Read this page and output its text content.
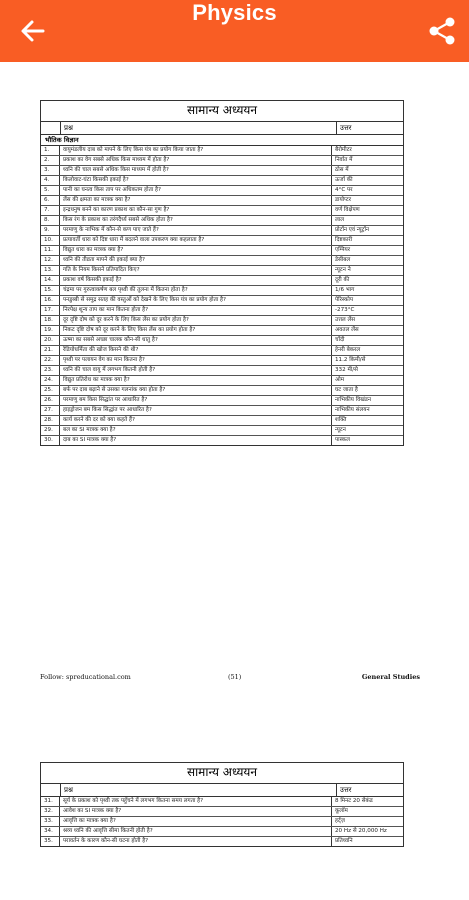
Physics
सामान्य अध्ययन
प्रश्न	उत्तर
भौतिक विज्ञान
1.	वायुमंडलीय दाब को मापने के लिए किस यंत्र का प्रयोग किया जाता है?	बैरोमीटर
2.	प्रकाश का वेग सबसे अधिक किस माध्यम में होता है?	निर्वात में
3.	ध्वनि की चाल सबसे अधिक किस माध्यम में होती है?	ठोस में
4.	किलोवाट-घंटा किसकी इकाई है?	ऊर्जा की
5.	पानी का घनत्व किस ताप पर अधिकतम होता है?	4°C पर
6.	लेंस की क्षमता का मात्रक क्या है?	डायोप्टर
7.	इन्द्रधनुष बनने का कारण प्रकाश का कौन-सा गुण है?	वर्ण विक्षेपण
8.	किस रंग के प्रकाश का तरंगदैर्ध्य सबसे अधिक होता है?	लाल
9.	परमाणु के नाभिक में कौन-से कण पाए जाते हैं?	प्रोटॉन एवं न्यूट्रॉन
10.	प्रत्यावर्ती धारा को दिष्ट धारा में बदलने वाला उपकरण क्या कहलाता है?	दिष्टकारी
11.	विद्युत धारा का मात्रक क्या है?	एम्पियर
12.	ध्वनि की तीव्रता मापने की इकाई क्या है?	डेसीबल
13.	गति के नियम किसने प्रतिपादित किए?	न्यूटन ने
14.	प्रकाश वर्ष किसकी इकाई है?	दूरी की
15.	चंद्रमा पर गुरुत्वाकर्षण बल पृथ्वी की तुलना में कितना होता है?	1/6 भाग
16.	पनडुब्बी से समुद्र सतह की वस्तुओं को देखने के लिए किस यंत्र का प्रयोग होता है?	पेरिस्कोप
17.	निरपेक्ष शून्य ताप का मान कितना होता है?	-273°C
18.	दूर दृष्टि दोष को दूर करने के लिए किस लेंस का प्रयोग होता है?	उत्तल लेंस
19.	निकट दृष्टि दोष को दूर करने के लिए किस लेंस का प्रयोग होता है?	अवतल लेंस
20.	ऊष्मा का सबसे अच्छा चालक कौन-सी धातु है?	चाँदी
21.	रेडियोधर्मिता की खोज किसने की थी?	हेनरी बेकरल
22.	पृथ्वी पर पलायन वेग का मान कितना है?	11.2 किमी/से
23.	ध्वनि की चाल वायु में लगभग कितनी होती है?	332 मी/से
24.	विद्युत प्रतिरोध का मात्रक क्या है?	ओम
25.	बर्फ पर दाब बढ़ाने से उसका गलनांक क्या होता है?	घट जाता है
26.	परमाणु बम किस सिद्धांत पर आधारित है?	नाभिकीय विखंडन
27.	हाइड्रोजन बम किस सिद्धांत पर आधारित है?	नाभिकीय संलयन
28.	कार्य करने की दर को क्या कहते हैं?	शक्ति
29.	बल का SI मात्रक क्या है?	न्यूटन
30.	दाब का SI मात्रक क्या है?	पास्कल
Follow: spreducational.com	(51)	General Studies
सामान्य अध्ययन
प्रश्न	उत्तर
31.	सूर्य के प्रकाश को पृथ्वी तक पहुँचने में लगभग कितना समय लगता है?	8 मिनट 20 सेकंड
32.	आवेश का SI मात्रक क्या है?	कूलॉम
33.	आवृत्ति का मात्रक क्या है?	हर्ट्ज़
34.	श्रव्य ध्वनि की आवृत्ति सीमा कितनी होती है?	20 Hz से 20,000 Hz
35.	परावर्तन के कारण कौन-सी घटना होती है?	प्रतिध्वनि
